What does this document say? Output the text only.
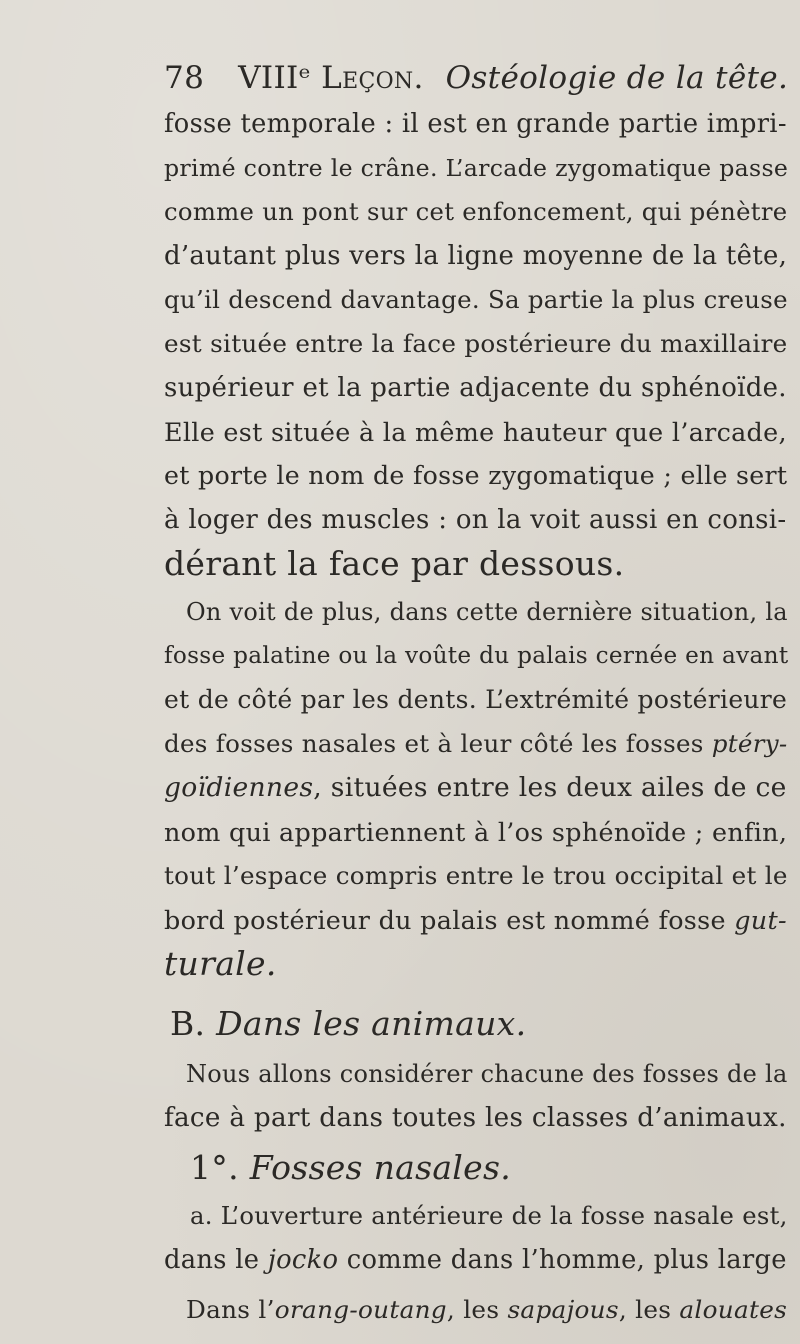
78 VIIIᵉ Leçon. Ostéologie de la tête.
fosse temporale : il est en grande partie impri-
primé contre le crâne. L’arcade zygomatique passe
comme un pont sur cet enfoncement, qui pénètre
d’autant plus vers la ligne moyenne de la tête,
qu’il descend davantage. Sa partie la plus creuse
est située entre la face postérieure du maxillaire
supérieur et la partie adjacente du sphénoïde.
Elle est située à la même hauteur que l’arcade,
et porte le nom de fosse zygomatique ; elle sert
à loger des muscles : on la voit aussi en consi-
dérant la face par dessous.
On voit de plus, dans cette dernière situation, la
fosse palatine ou la voûte du palais cernée en avant
et de côté par les dents. L’extrémité postérieure
des fosses nasales et à leur côté les fosses ptéry-
goïdiennes, situées entre les deux ailes de ce
nom qui appartiennent à l’os sphénoïde ; enfin,
tout l’espace compris entre le trou occipital et le
bord postérieur du palais est nommé fosse gut-
turale.
B. Dans les animaux.
Nous allons considérer chacune des fosses de la
face à part dans toutes les classes d’animaux.
1°. Fosses nasales.
a. L’ouverture antérieure de la fosse nasale est,
dans le jocko comme dans l’homme, plus large
Dans l’orang-outang, les sapajous, les alouates
